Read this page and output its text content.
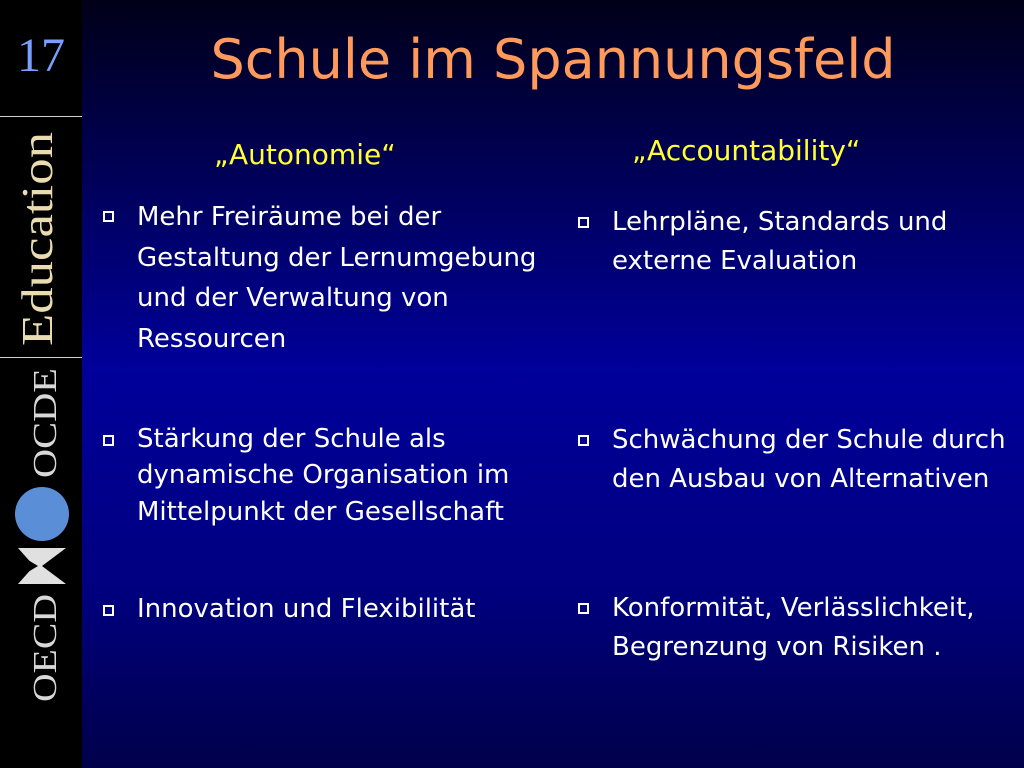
17
Education
OCDE
OECD
Schule im Spannungsfeld
„Autonomie“	„Accountability“
Mehr Freiräume bei der Gestaltung der Lernumgebung und der Verwaltung von Ressourcen
Stärkung der Schule als dynamische Organisation im Mittelpunkt der Gesellschaft
Innovation und Flexibilität
Lehrpläne, Standards und externe Evaluation
Schwächung der Schule durch den Ausbau von Alternativen
Konformität, Verlässlichkeit, Begrenzung von Risiken .
